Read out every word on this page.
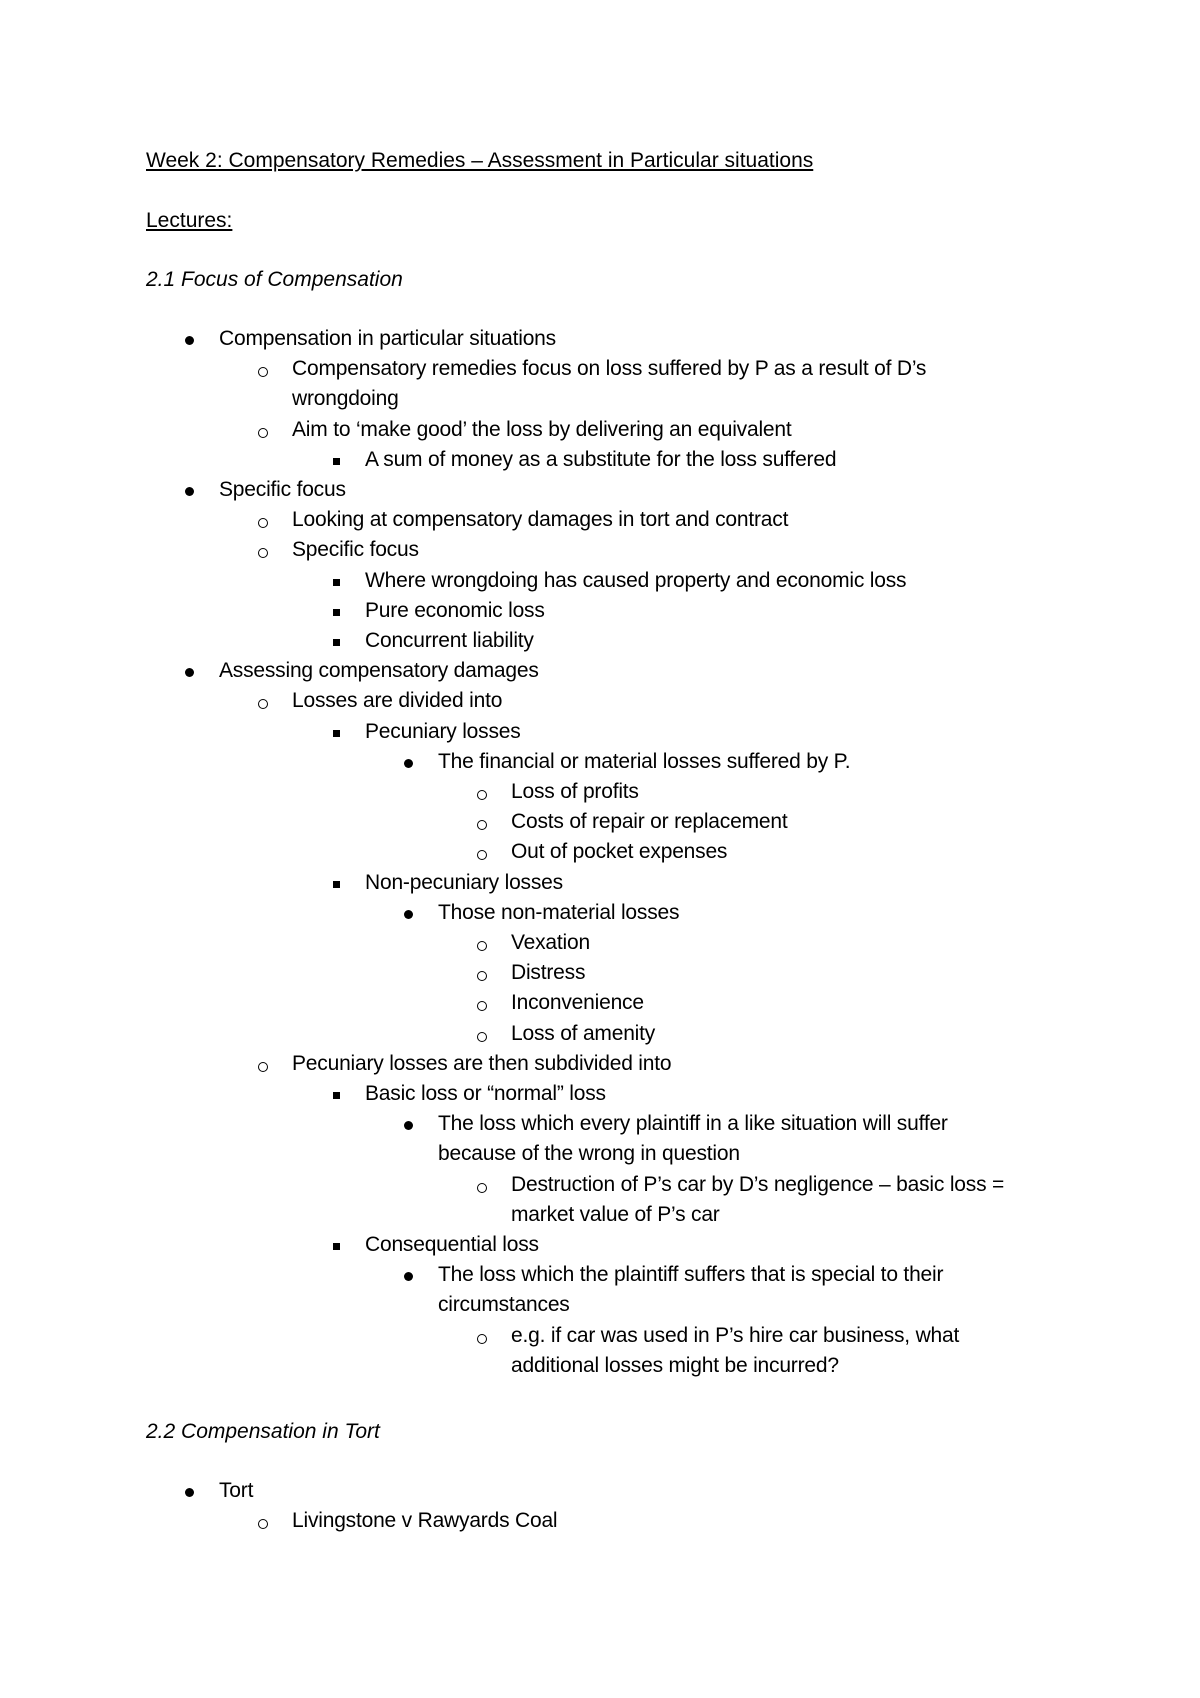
Week 2: Compensatory Remedies – Assessment in Particular situations
Lectures:
2.1 Focus of Compensation
Compensation in particular situations
Compensatory remedies focus on loss suffered by P as a result of D’s
wrongdoing
Aim to ‘make good’ the loss by delivering an equivalent
A sum of money as a substitute for the loss suffered
Specific focus
Looking at compensatory damages in tort and contract
Specific focus
Where wrongdoing has caused property and economic loss
Pure economic loss
Concurrent liability
Assessing compensatory damages
Losses are divided into
Pecuniary losses
The financial or material losses suffered by P.
Loss of profits
Costs of repair or replacement
Out of pocket expenses
Non-pecuniary losses
Those non-material losses
Vexation
Distress
Inconvenience
Loss of amenity
Pecuniary losses are then subdivided into
Basic loss or “normal” loss
The loss which every plaintiff in a like situation will suffer
because of the wrong in question
Destruction of P’s car by D’s negligence – basic loss =
market value of P’s car
Consequential loss
The loss which the plaintiff suffers that is special to their
circumstances
e.g. if car was used in P’s hire car business, what
additional losses might be incurred?
2.2 Compensation in Tort
Tort
Livingstone v Rawyards Coal
